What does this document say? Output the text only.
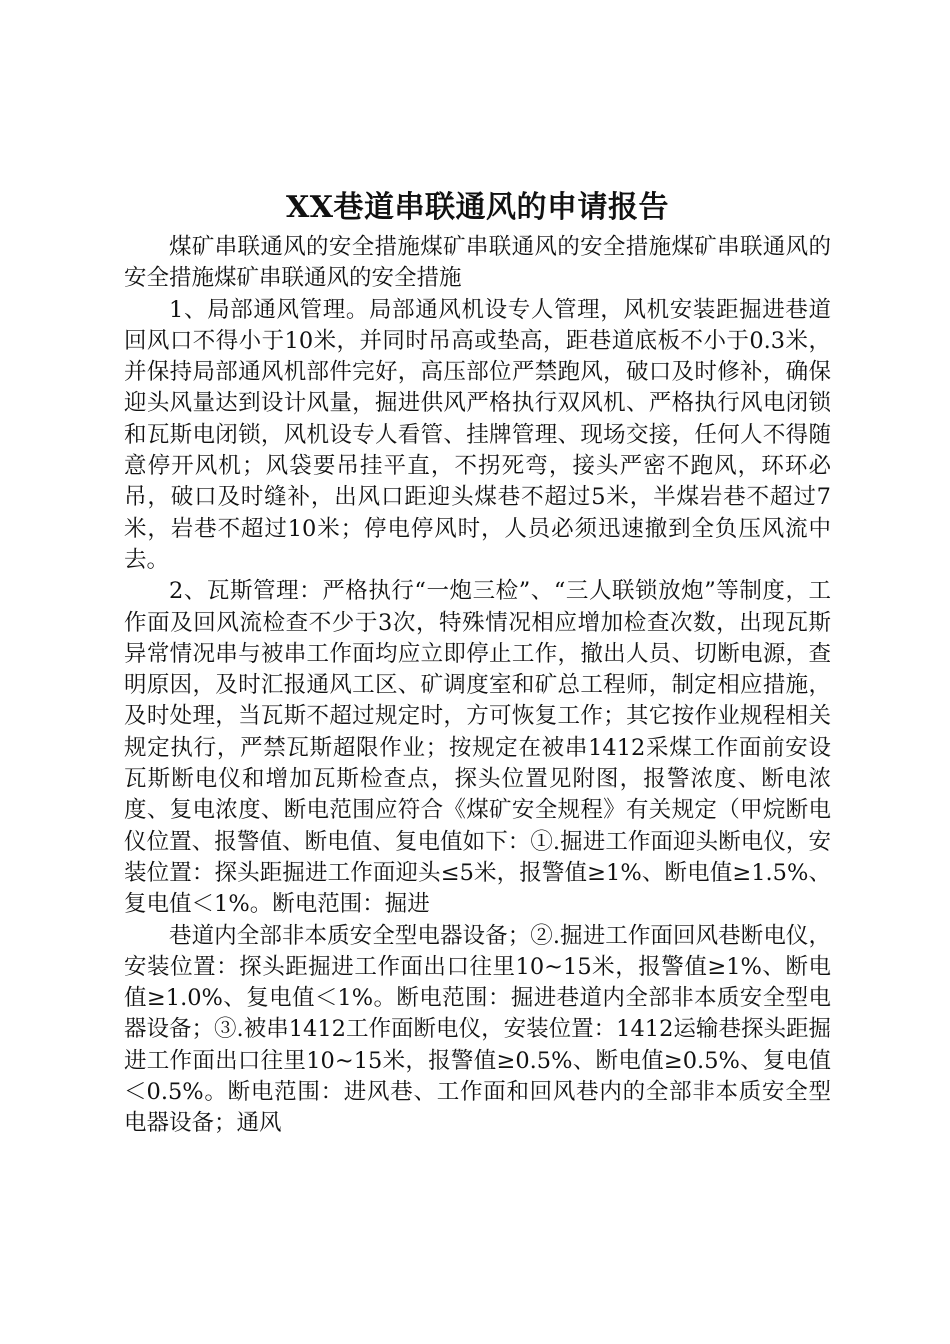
XX巷道串联通风的申请报告

煤矿串联通风的安全措施煤矿串联通风的安全措施煤矿串联通风的安全措施煤矿串联通风的安全措施

1、局部通风管理。局部通风机设专人管理，风机安装距掘进巷道回风口不得小于10米，并同时吊高或垫高，距巷道底板不小于0.3米，并保持局部通风机部件完好，高压部位严禁跑风，破口及时修补，确保迎头风量达到设计风量，掘进供风严格执行双风机、严格执行风电闭锁和瓦斯电闭锁，风机设专人看管、挂牌管理、现场交接，任何人不得随意停开风机；风袋要吊挂平直，不拐死弯，接头严密不跑风，环环必吊，破口及时缝补，出风口距迎头煤巷不超过5米，半煤岩巷不超过7米，岩巷不超过10米；停电停风时，人员必须迅速撤到全负压风流中去。

2、瓦斯管理：严格执行“一炮三检”、“三人联锁放炮”等制度，工作面及回风流检查不少于3次，特殊情况相应增加检查次数，出现瓦斯异常情况串与被串工作面均应立即停止工作，撤出人员、切断电源，查明原因，及时汇报通风工区、矿调度室和矿总工程师，制定相应措施，及时处理，当瓦斯不超过规定时，方可恢复工作；其它按作业规程相关规定执行，严禁瓦斯超限作业；按规定在被串1412采煤工作面前安设瓦斯断电仪和增加瓦斯检查点，探头位置见附图，报警浓度、断电浓度、复电浓度、断电范围应符合《煤矿安全规程》有关规定（甲烷断电仪位置、报警值、断电值、复电值如下：①.掘进工作面迎头断电仪，安装位置：探头距掘进工作面迎头≤5米，报警值≥1%、断电值≥1.5%、复电值＜1%。断电范围：掘进

巷道内全部非本质安全型电器设备；②.掘进工作面回风巷断电仪，安装位置：探头距掘进工作面出口往里10~15米，报警值≥1%、断电值≥1.0%、复电值＜1%。断电范围：掘进巷道内全部非本质安全型电器设备；③.被串1412工作面断电仪，安装位置：1412运输巷探头距掘进工作面出口往里10~15米，报警值≥0.5%、断电值≥0.5%、复电值＜0.5%。断电范围：进风巷、工作面和回风巷内的全部非本质安全型电器设备；通风
